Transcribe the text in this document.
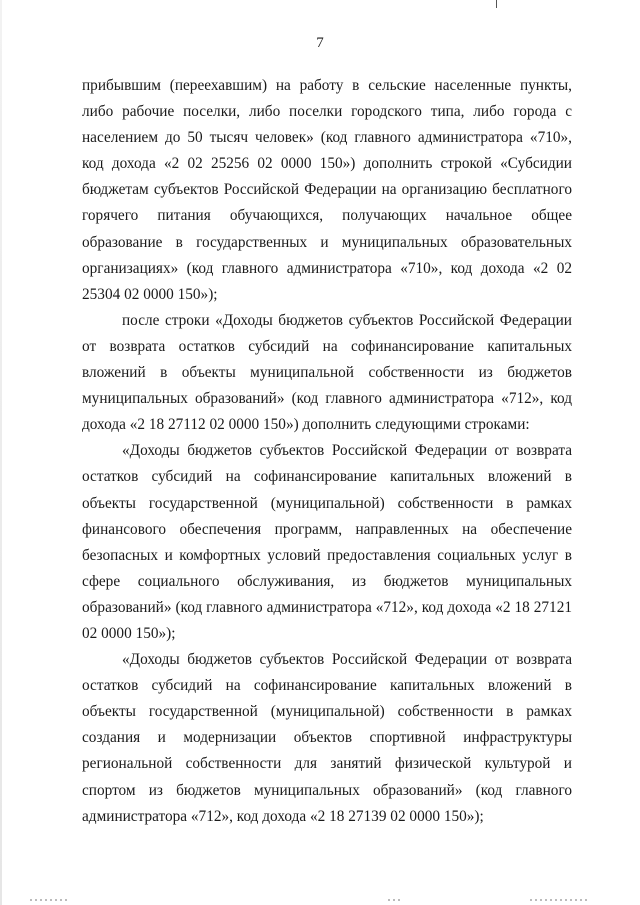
7

прибывшим (переехавшим) на работу в сельские населенные пункты, либо рабочие поселки, либо поселки городского типа, либо города с населением до 50 тысяч человек» (код главного администратора «710», код дохода «2 02 25256 02 0000 150») дополнить строкой «Субсидии бюджетам субъектов Российской Федерации на организацию бесплатного горячего питания обучающихся, получающих начальное общее образование в государственных и муниципальных образовательных организациях» (код главного администратора «710», код дохода «2 02 25304 02 0000 150»);

после строки «Доходы бюджетов субъектов Российской Федерации от возврата остатков субсидий на софинансирование капитальных вложений в объекты муниципальной собственности из бюджетов муниципальных образований» (код главного администратора «712», код дохода «2 18 27112 02 0000 150») дополнить следующими строками:

«Доходы бюджетов субъектов Российской Федерации от возврата остатков субсидий на софинансирование капитальных вложений в объекты государственной (муниципальной) собственности в рамках финансового обеспечения программ, направленных на обеспечение безопасных и комфортных условий предоставления социальных услуг в сфере социального обслуживания, из бюджетов муниципальных образований» (код главного администратора «712», код дохода «2 18 27121 02 0000 150»);

«Доходы бюджетов субъектов Российской Федерации от возврата остатков субсидий на софинансирование капитальных вложений в объекты государственной (муниципальной) собственности в рамках создания и модернизации объектов спортивной инфраструктуры региональной собственности для занятий физической культурой и спортом из бюджетов муниципальных образований» (код главного администратора «712», код дохода «2 18 27139 02 0000 150»);
